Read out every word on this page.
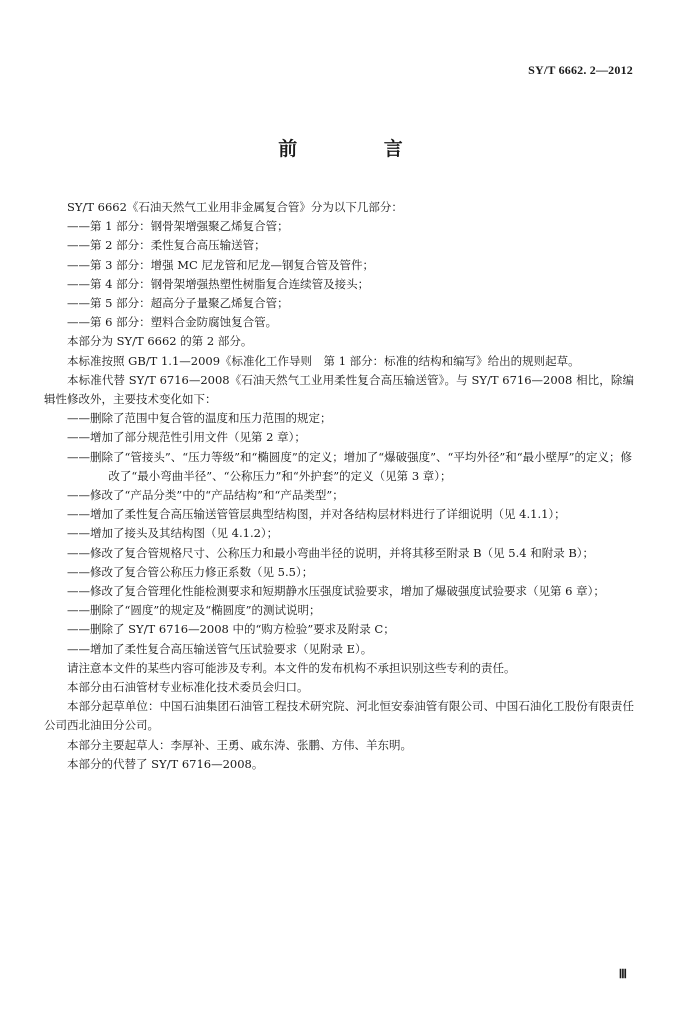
SY/T 6662. 2—2012
前 言

SY/T 6662《石油天然气工业用非金属复合管》分为以下几部分：

——第 1 部分：钢骨架增强聚乙烯复合管；

——第 2 部分：柔性复合高压输送管；

——第 3 部分：增强 MC 尼龙管和尼龙—钢复合管及管件；

——第 4 部分：钢骨架增强热塑性树脂复合连续管及接头；

——第 5 部分：超高分子量聚乙烯复合管；

——第 6 部分：塑料合金防腐蚀复合管。

本部分为 SY/T 6662 的第 2 部分。

本标准按照 GB/T 1.1—2009《标准化工作导则　第 1 部分：标准的结构和编写》给出的规则起草。

本标准代替 SY/T 6716—2008《石油天然气工业用柔性复合高压输送管》。与 SY/T 6716—2008 相比，除编辑性修改外，主要技术变化如下：

——删除了范围中复合管的温度和压力范围的规定；

——增加了部分规范性引用文件（见第 2 章）；

——删除了“管接头”、“压力等级”和“椭圆度”的定义；增加了“爆破强度”、“平均外径”和“最小壁厚”的定义；修改了“最小弯曲半径”、“公称压力”和“外护套”的定义（见第 3 章）；

——修改了“产品分类”中的“产品结构”和“产品类型”；

——增加了柔性复合高压输送管管层典型结构图，并对各结构层材料进行了详细说明（见 4.1.1）；

——增加了接头及其结构图（见 4.1.2）；

——修改了复合管规格尺寸、公称压力和最小弯曲半径的说明，并将其移至附录 B（见 5.4 和附录 B）；

——修改了复合管公称压力修正系数（见 5.5）；

——修改了复合管理化性能检测要求和短期静水压强度试验要求，增加了爆破强度试验要求（见第 6 章）；

——删除了“圆度”的规定及“椭圆度”的测试说明；

——删除了 SY/T 6716—2008 中的“购方检验”要求及附录 C；

——增加了柔性复合高压输送管气压试验要求（见附录 E）。

请注意本文件的某些内容可能涉及专利。本文件的发布机构不承担识别这些专利的责任。

本部分由石油管材专业标准化技术委员会归口。

本部分起草单位：中国石油集团石油管工程技术研究院、河北恒安泰油管有限公司、中国石油化工股份有限责任公司西北油田分公司。

本部分主要起草人：李厚补、王勇、戚东涛、张鹏、方伟、羊东明。

本部分的代替了 SY/T 6716—2008。

Ⅲ
